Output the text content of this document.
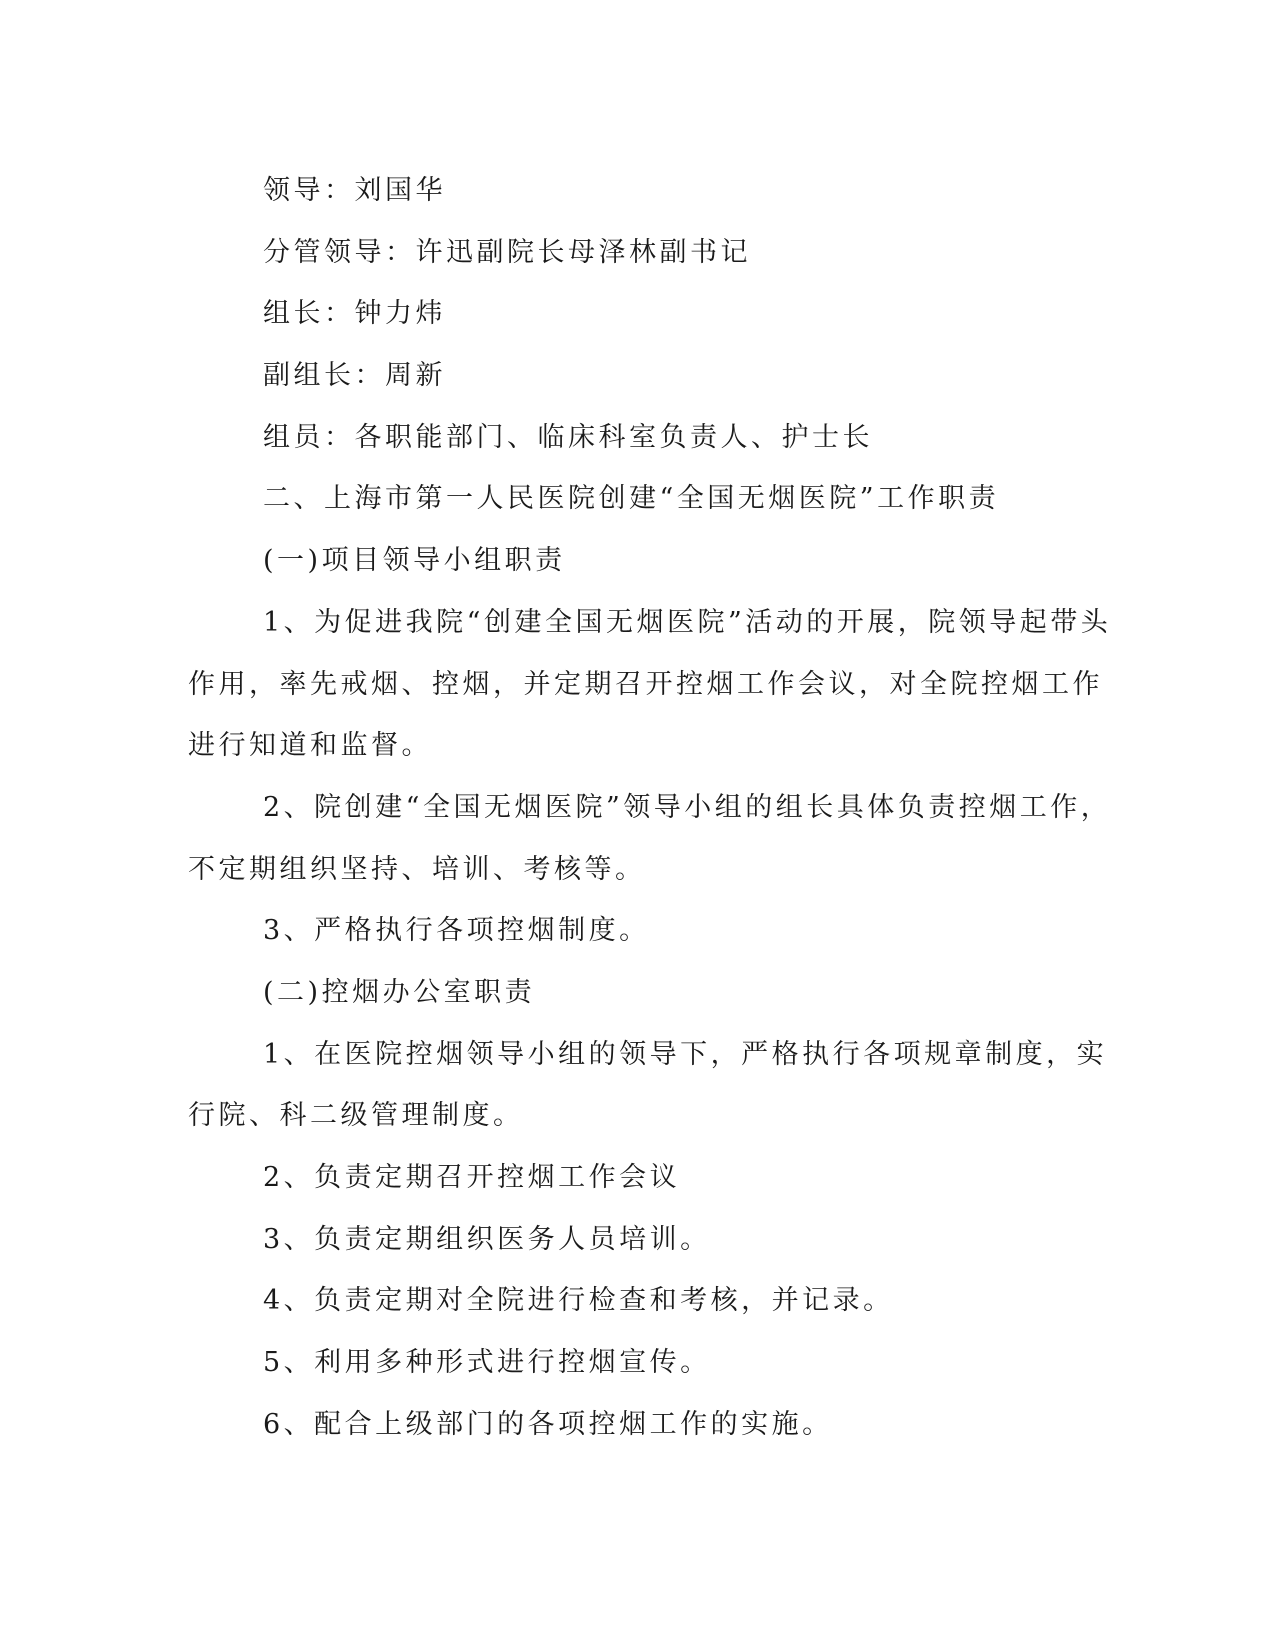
领导：刘国华

分管领导：许迅副院长母泽林副书记

组长：钟力炜

副组长：周新

组员：各职能部门、临床科室负责人、护士长

二、上海市第一人民医院创建“全国无烟医院”工作职责

(一)项目领导小组职责

1、为促进我院“创建全国无烟医院”活动的开展，院领导起带头

作用，率先戒烟、控烟，并定期召开控烟工作会议，对全院控烟工作

进行知道和监督。

2、院创建“全国无烟医院”领导小组的组长具体负责控烟工作，

不定期组织坚持、培训、考核等。

3、严格执行各项控烟制度。

(二)控烟办公室职责

1、在医院控烟领导小组的领导下，严格执行各项规章制度，实

行院、科二级管理制度。

2、负责定期召开控烟工作会议

3、负责定期组织医务人员培训。

4、负责定期对全院进行检查和考核，并记录。

5、利用多种形式进行控烟宣传。

6、配合上级部门的各项控烟工作的实施。
